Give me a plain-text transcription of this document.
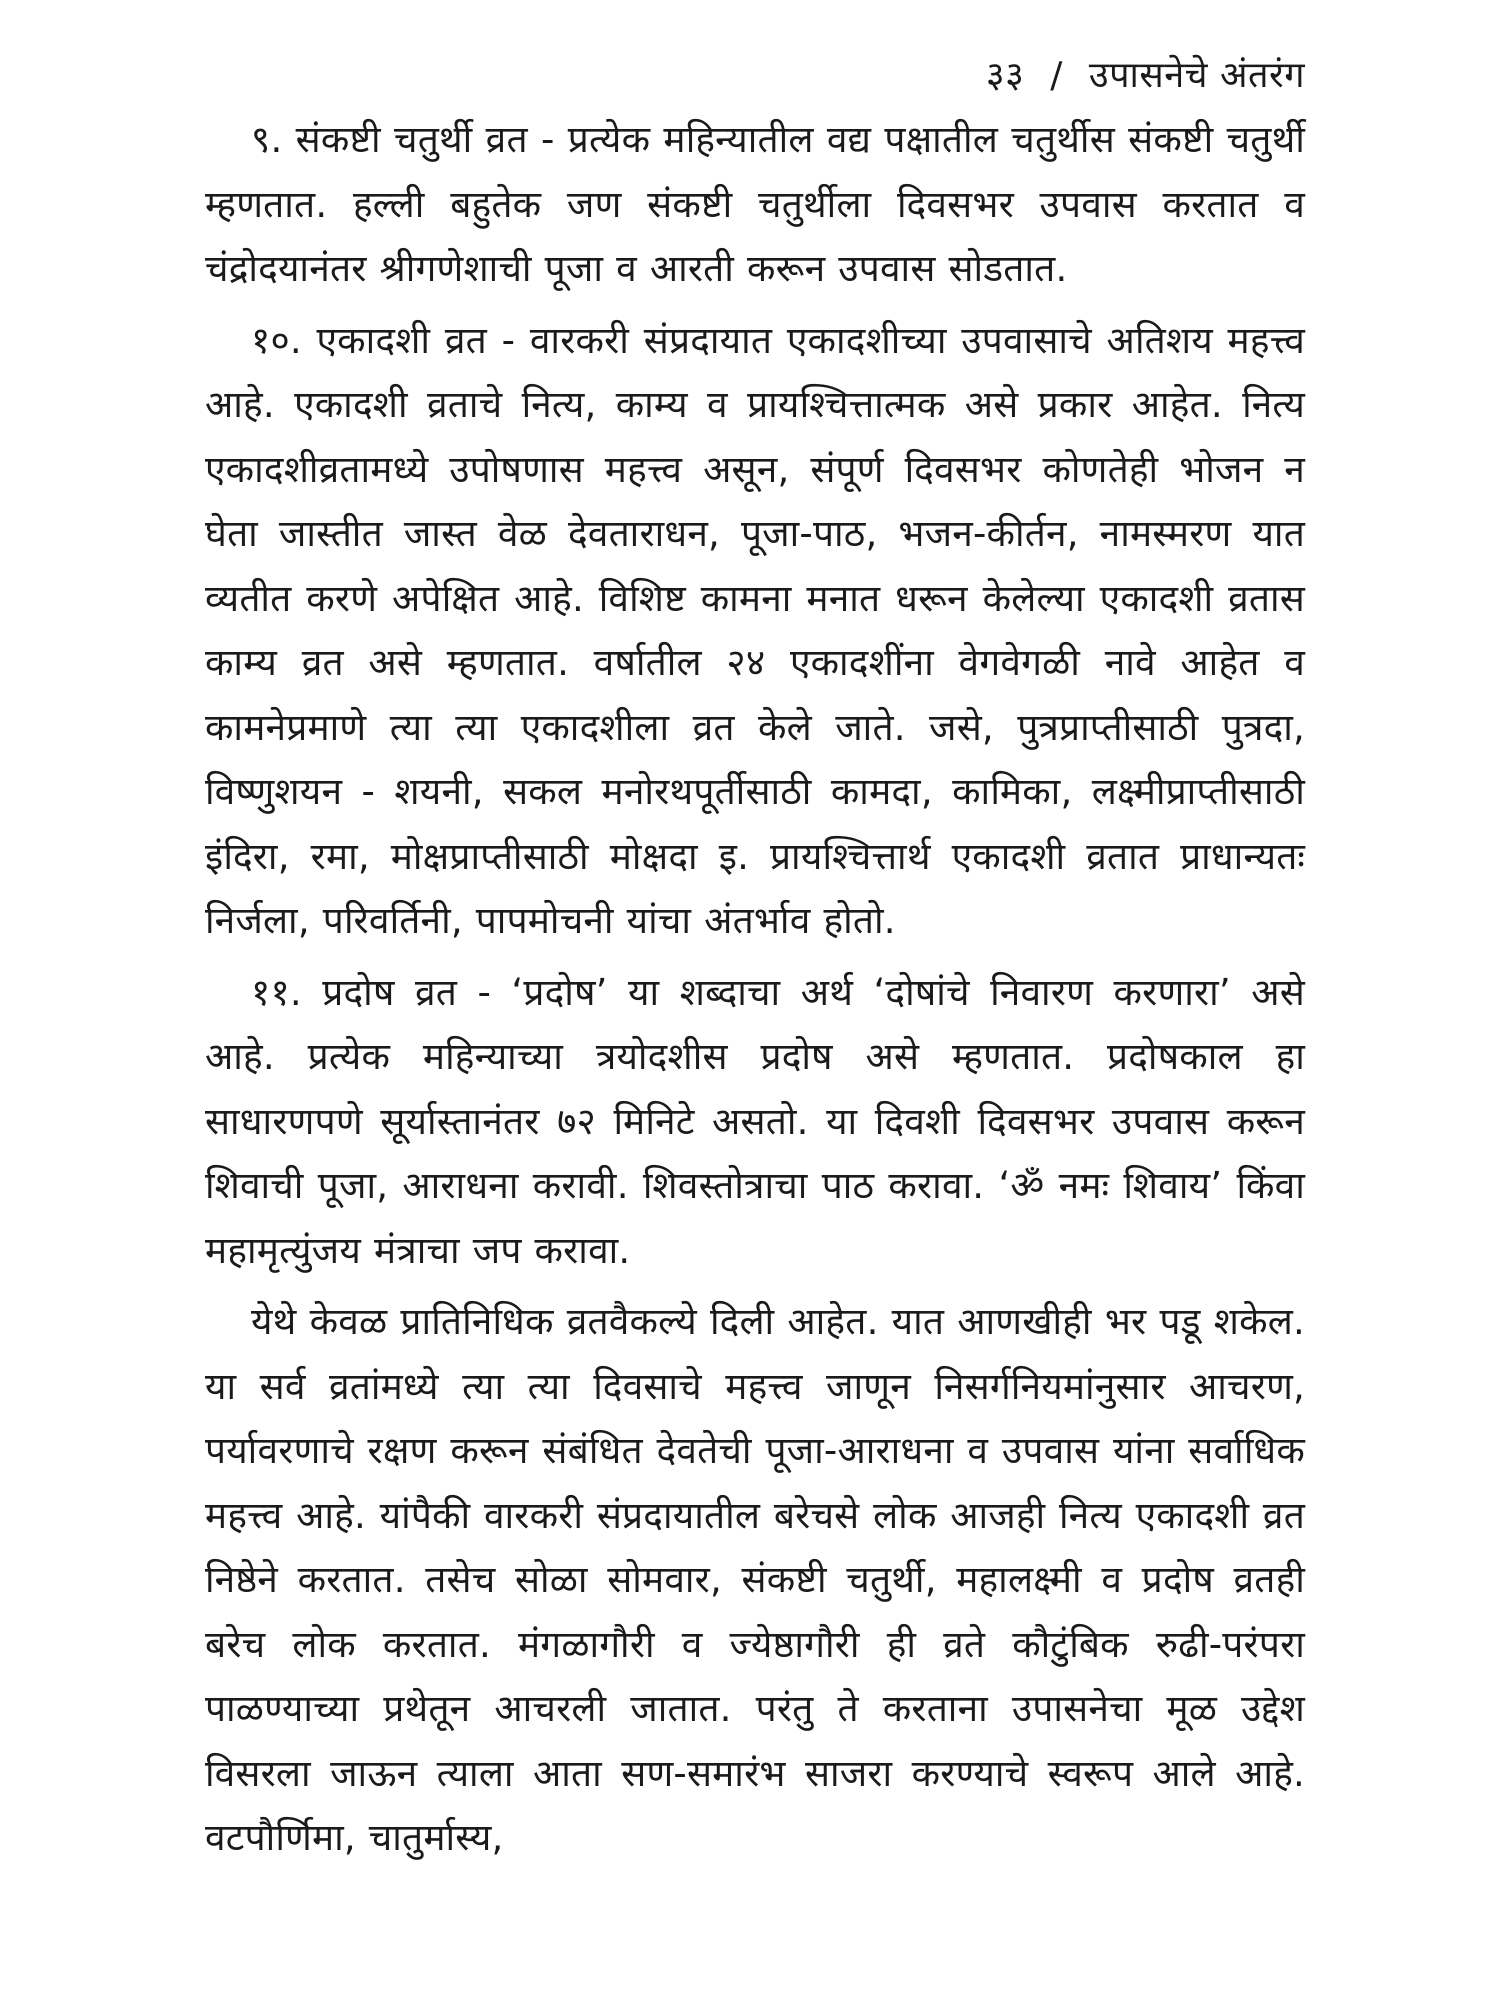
३३ / उपासनेचे अंतरंग

९. संकष्टी चतुर्थी व्रत - प्रत्येक महिन्यातील वद्य पक्षातील चतुर्थीस संकष्टी चतुर्थी म्हणतात. हल्ली बहुतेक जण संकष्टी चतुर्थीला दिवसभर उपवास करतात व चंद्रोदयानंतर श्रीगणेशाची पूजा व आरती करून उपवास सोडतात.

१०. एकादशी व्रत - वारकरी संप्रदायात एकादशीच्या उपवासाचे अतिशय महत्त्व आहे. एकादशी व्रताचे नित्य, काम्य व प्रायश्चित्तात्मक असे प्रकार आहेत. नित्य एकादशीव्रतामध्ये उपोषणास महत्त्व असून, संपूर्ण दिवसभर कोणतेही भोजन न घेता जास्तीत जास्त वेळ देवताराधन, पूजा-पाठ, भजन-कीर्तन, नामस्मरण यात व्यतीत करणे अपेक्षित आहे. विशिष्ट कामना मनात धरून केलेल्या एकादशी व्रतास काम्य व्रत असे म्हणतात. वर्षातील २४ एकादशींना वेगवेगळी नावे आहेत व कामनेप्रमाणे त्या त्या एकादशीला व्रत केले जाते. जसे, पुत्रप्राप्तीसाठी पुत्रदा, विष्णुशयन - शयनी, सकल मनोरथपूर्तीसाठी कामदा, कामिका, लक्ष्मीप्राप्तीसाठी इंदिरा, रमा, मोक्षप्राप्तीसाठी मोक्षदा इ. प्रायश्चित्तार्थ एकादशी व्रतात प्राधान्यतः निर्जला, परिवर्तिनी, पापमोचनी यांचा अंतर्भाव होतो.

११. प्रदोष व्रत - ‘प्रदोष’ या शब्दाचा अर्थ ‘दोषांचे निवारण करणारा’ असे आहे. प्रत्येक महिन्याच्या त्रयोदशीस प्रदोष असे म्हणतात. प्रदोषकाल हा साधारणपणे सूर्यास्तानंतर ७२ मिनिटे असतो. या दिवशी दिवसभर उपवास करून शिवाची पूजा, आराधना करावी. शिवस्तोत्राचा पाठ करावा. ‘ॐ नमः शिवाय’ किंवा महामृत्युंजय मंत्राचा जप करावा.

येथे केवळ प्रातिनिधिक व्रतवैकल्ये दिली आहेत. यात आणखीही भर पडू शकेल. या सर्व व्रतांमध्ये त्या त्या दिवसाचे महत्त्व जाणून निसर्गनियमांनुसार आचरण, पर्यावरणाचे रक्षण करून संबंधित देवतेची पूजा-आराधना व उपवास यांना सर्वाधिक महत्त्व आहे. यांपैकी वारकरी संप्रदायातील बरेचसे लोक आजही नित्य एकादशी व्रत निष्ठेने करतात. तसेच सोळा सोमवार, संकष्टी चतुर्थी, महालक्ष्मी व प्रदोष व्रतही बरेच लोक करतात. मंगळागौरी व ज्येष्ठागौरी ही व्रते कौटुंबिक रुढी-परंपरा पाळण्याच्या प्रथेतून आचरली जातात. परंतु ते करताना उपासनेचा मूळ उद्देश विसरला जाऊन त्याला आता सण-समारंभ साजरा करण्याचे स्वरूप आले आहे. वटपौर्णिमा, चातुर्मास्य,
